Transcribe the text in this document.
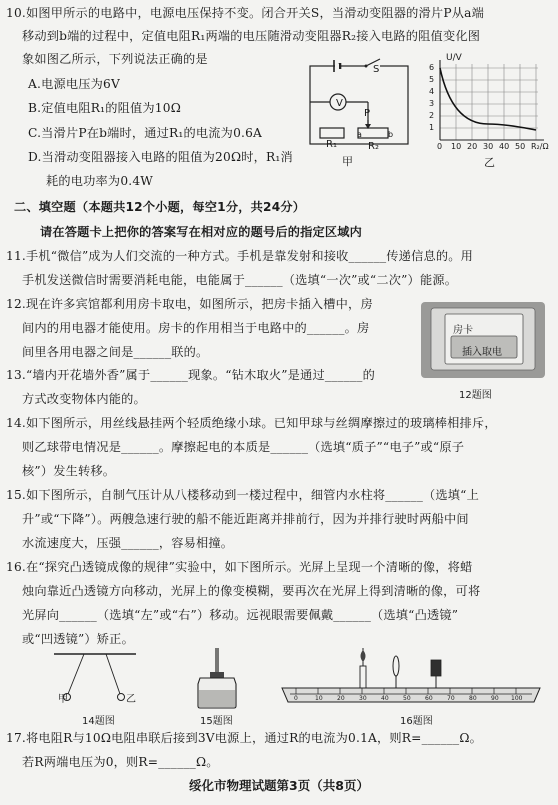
10.如图甲所示的电路中，电源电压保持不变。闭合开关S，当滑动变阻器的滑片P从a端
移动到b端的过程中，定值电阻R₁两端的电压随滑动变阻器R₂接入电路的阻值变化图
象如图乙所示，下列说法正确的是
A.电源电压为6V
B.定值电阻R₁的阻值为10Ω
C.当滑片P在b端时，通过R₁的电流为0.6A
D.当滑动变阻器接入电路的阻值为20Ω时，R₁消
耗的电功率为0.4W
V
S
P
R₁
a	b
R₂
甲
U/V
6
5
4
3
2
1
0 10 20 30 40 50 R₂/Ω
乙
二、填空题（本题共12个小题，每空1分，共24分）
请在答题卡上把你的答案写在相对应的题号后的指定区域内
11.手机“微信”成为人们交流的一种方式。手机是靠发射和接收______传递信息的。用
手机发送微信时需要消耗电能，电能属于______（选填“一次”或“二次”）能源。
12.现在许多宾馆都利用房卡取电，如图所示，把房卡插入槽中，房
间内的用电器才能使用。房卡的作用相当于电路中的______。房
间里各用电器之间是______联的。
房卡
插入取电
12题图
13.“墙内开花墙外香”属于______现象。“钻木取火”是通过______的
方式改变物体内能的。
14.如下图所示，用丝线悬挂两个轻质绝缘小球。已知甲球与丝绸摩擦过的玻璃棒相排斥，
则乙球带电情况是______。摩擦起电的本质是______（选填“质子”“电子”或“原子
核”）发生转移。
15.如下图所示，自制气压计从八楼移动到一楼过程中，细管内水柱将______（选填“上
升”或“下降”）。两艘急速行驶的船不能近距离并排前行，因为并排行驶时两船中间
水流速度大，压强______，容易相撞。
16.在“探究凸透镜成像的规律”实验中，如下图所示。光屏上呈现一个清晰的像，将蜡
烛向靠近凸透镜方向移动，光屏上的像变模糊，要再次在光屏上得到清晰的像，可将
光屏向______（选填“左”或“右”）移动。远视眼需要佩戴______（选填“凸透镜”
或“凹透镜”）矫正。
甲	乙
14题图	15题图
0	10 20 30 40 50 60 70 80 90 100
16题图
17.将电阻R与10Ω电阻串联后接到3V电源上，通过R的电流为0.1A，则R=______Ω。
若R两端电压为0，则R=______Ω。
绥化市物理试题第3页（共8页）
